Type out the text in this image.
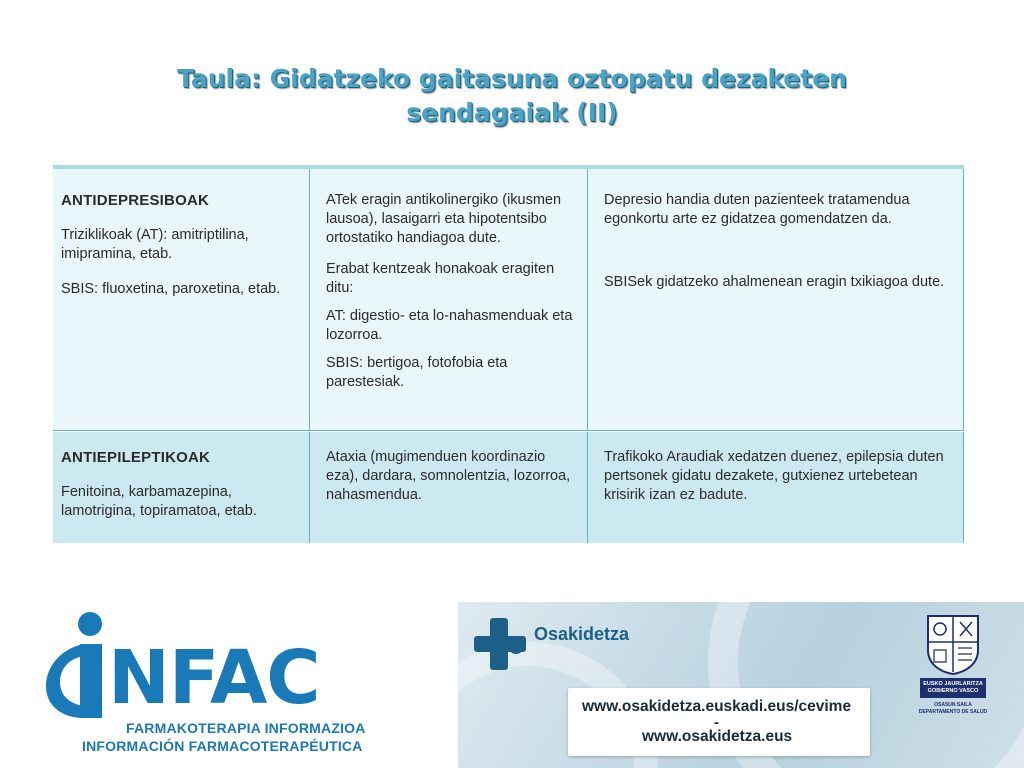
Taula: Gidatzeko gaitasuna oztopatu dezaketen
sendagaiak (II)
ANTIDEPRESIBOAK
Triziklikoak (AT): amitriptilina, imipramina, etab.
SBIS: fluoxetina, paroxetina, etab.
ATek eragin antikolinergiko (ikusmen lausoa), lasaigarri eta hipotentsibo ortostatiko handiagoa dute.
Erabat kentzeak honakoak eragiten ditu:
AT: digestio- eta lo-nahasmenduak eta lozorroa.
SBIS: bertigoa, fotofobia eta parestesiak.
Depresio handia duten pazienteek tratamendua egonkortu arte ez gidatzea gomendatzen da.
SBISek gidatzeko ahalmenean eragin txikiagoa dute.
ANTIEPILEPTIKOAK
Fenitoina, karbamazepina, lamotrigina, topiramatoa, etab.
Ataxia (mugimenduen koordinazio eza), dardara, somnolentzia, lozorroa, nahasmendua.
Trafikoko Araudiak xedatzen duenez, epilepsia duten pertsonek gidatu dezakete, gutxienez urtebetean krisirik izan ez badute.
NFAC
FARMAKOTERAPIA INFORMAZIOA
INFORMACIÓN FARMACOTERAPÉUTICA
Osakidetza
www.osakidetza.euskadi.eus/cevime
-
www.osakidetza.eus
EUSKO JAURLARITZA GOBIERNO VASCO
OSASUN SAILA DEPARTAMENTO DE SALUD
